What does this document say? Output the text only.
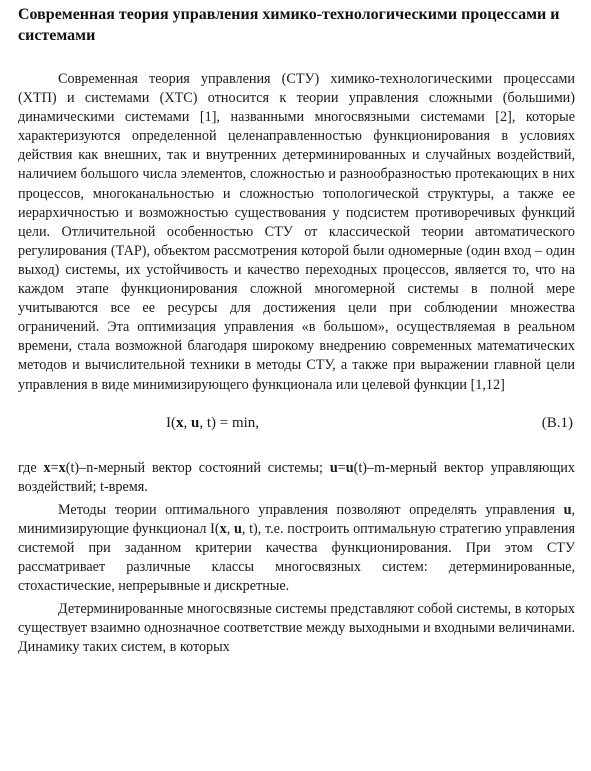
Современная теория управления химико-технологическими процессами и системами

Современная теория управления (СТУ) химико-технологическими процессами (ХТП) и системами (ХТС) относится к теории управления сложными (большими) динамическими системами [1], названными многосвязными системами [2], которые характеризуются определенной целенаправленностью функционирования в условиях действия как внешних, так и внутренних детерминированных и случайных воздействий, наличием большого числа элементов, сложностью и разнообразностью протекающих в них процессов, многоканальностью и сложностью топологической структуры, а также ее иерархичностью и возможностью существования у подсистем противоречивых функций цели. Отличительной особенностью СТУ от классической теории автоматического регулирования (ТАР), объектом рассмотрения которой были одномерные (один вход – один выход) системы, их устойчивость и качество переходных процессов, является то, что на каждом этапе функционирования сложной многомерной системы в полной мере учитываются все ее ресурсы для достижения цели при соблюдении множества ограничений. Эта оптимизация управления «в большом», осуществляемая в реальном времени, стала возможной благодаря широкому внедрению современных математических методов и вычислительной техники в методы СТУ, а также при выражении главной цели управления в виде минимизирующего функционала или целевой функции [1,12]

I(x, u, t) = min,	(B.1)

где x=x(t)–n-мерный вектор состояний системы; u=u(t)–m-мерный вектор управляющих воздействий; t-время.

Методы теории оптимального управления позволяют определять управления u, минимизирующие функционал I(x, u, t), т.е. построить оптимальную стратегию управления системой при заданном критерии качества функционирования. При этом СТУ рассматривает различные классы многосвязных систем: детерминированные, стохастические, непрерывные и дискретные.

Детерминированные многосвязные системы представляют собой системы, в которых существует взаимно однозначное соответствие между выходными и входными величинами. Динамику таких систем, в которых
